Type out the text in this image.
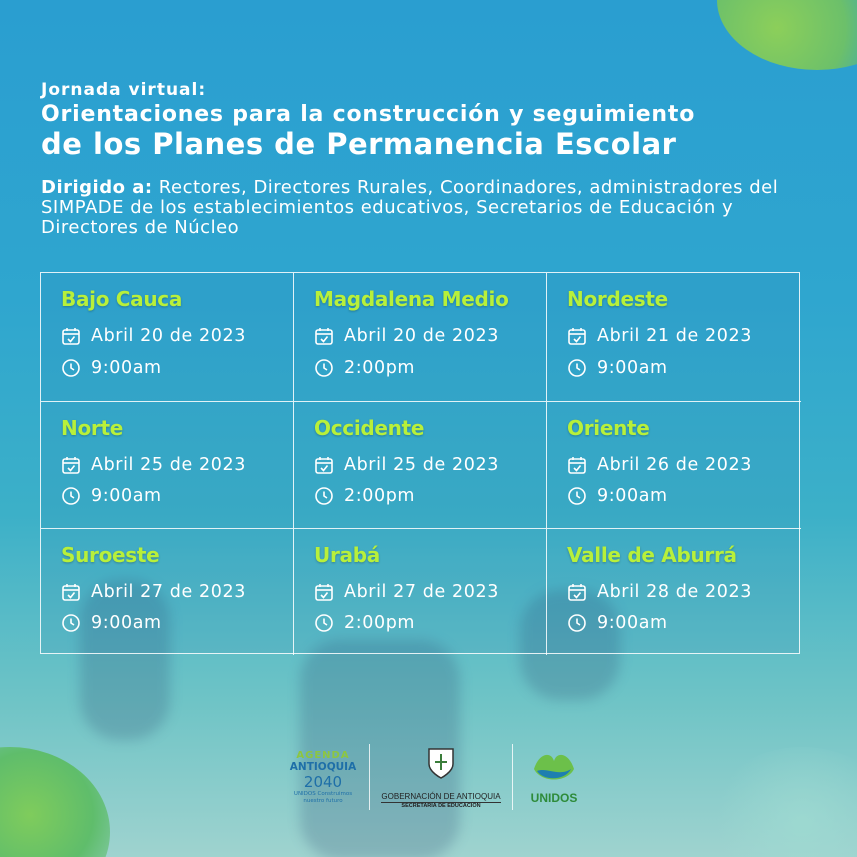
Jornada virtual:

Orientaciones para la construcción y seguimiento

de los Planes de Permanencia Escolar

Dirigido a: Rectores, Directores Rurales, Coordinadores, administradores del SIMPADE de los establecimientos educativos, Secretarios de Educación y Directores de Núcleo
Bajo Cauca
Abril 20 de 2023
9:00am
Magdalena Medio
Abril 20 de 2023
2:00pm
Nordeste
Abril 21 de 2023
9:00am
Norte
Abril 25 de 2023
9:00am
Occidente
Abril 25 de 2023
2:00pm
Oriente
Abril 26 de 2023
9:00am
Suroeste
Abril 27 de 2023
9:00am
Urabá
Abril 27 de 2023
2:00pm
Valle de Aburrá
Abril 28 de 2023
9:00am
AGENDA
ANTIOQUIA
2040
UNIDOS Construimos nuestro futuro	GOBERNACIÓN DE ANTIOQUIA
SECRETARÍA DE EDUCACIÓN
UNIDOS
